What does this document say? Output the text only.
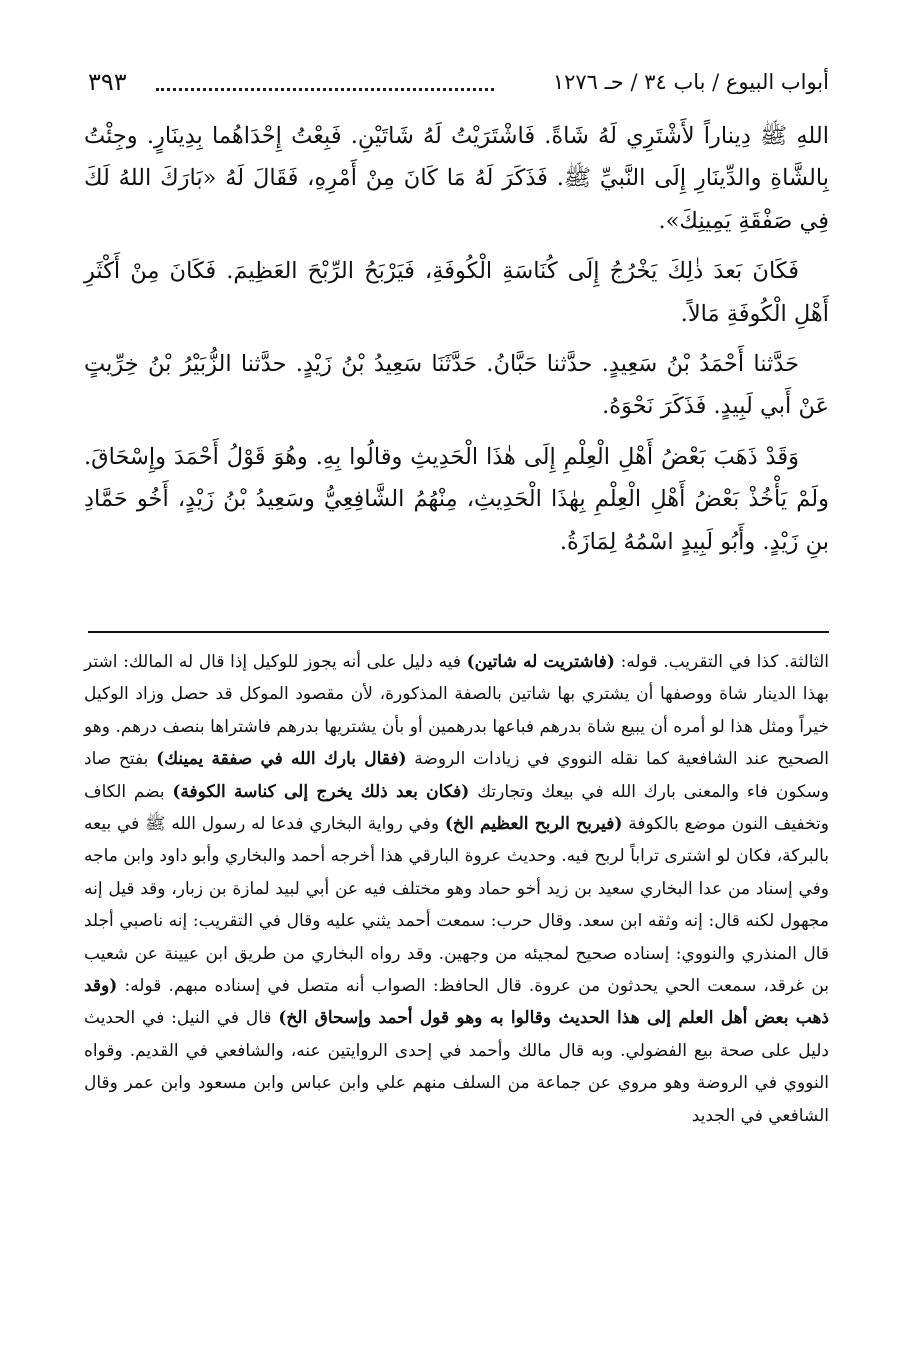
أبواب البيوع / باب ٣٤ / حـ ١٢٧٦
٣٩٣

اللهِ ﷺ دِيناراً لأَشْتَرِي لَهُ شَاةً. فَاشْتَرَيْتُ لَهُ شَاتَيْنِ. فَبِعْتُ إِحْدَاهُما بِدِينَارٍ. وجِئْتُ بِالشَّاةِ والدِّينَارِ إِلَى النَّبيِّ ﷺ. فَذَكَرَ لَهُ مَا كَانَ مِنْ أَمْرِهِ، فَقَالَ لَهُ «بَارَكَ اللهُ لَكَ فِي صَفْقَةِ يَمِينِكَ».

فَكَانَ بَعدَ ذٰلِكَ يَخْرُجُ إِلَى كُنَاسَةِ الْكُوفَةِ، فَيَرْبَحُ الرِّبْحَ العَظِيمَ. فَكَانَ مِنْ أَكْثَرِ أَهْلِ الْكُوفَةِ مَالاً.

حَدَّثنا أَحْمَدُ بْنُ سَعِيدٍ. حدَّثنا حَبَّانُ. حَدَّثَنَا سَعِيدُ بْنُ زَيْدٍ. حدَّثنا الزُّبَيْرُ بْنُ خِرِّيتٍ عَنْ أَبي لَبِيدٍ. فَذَكَرَ نَحْوَهُ.

وَقَدْ ذَهَبَ بَعْضُ أَهْلِ الْعِلْمِ إِلَى هٰذَا الْحَدِيثِ وقالُوا بِهِ. وهُوَ قَوْلُ أَحْمَدَ وإِسْحَاقَ. ولَمْ يَأْخُذْ بَعْضُ أَهْلِ الْعِلْمِ بِهٰذَا الْحَدِيثِ، مِنْهُمُ الشَّافِعِيُّ وسَعِيدُ بْنُ زَيْدٍ، أَخُو حَمَّادِ بنِ زَيْدٍ. وأَبُو لَبِيدٍ اسْمُهُ لِمَازَةُ.

الثالثة. كذا في التقريب. قوله: (فاشتريت له شاتين) فيه دليل على أنه يجوز للوكيل إذا قال له المالك: اشتر بهذا الدينار شاة ووصفها أن يشتري بها شاتين بالصفة المذكورة، لأن مقصود الموكل قد حصل وزاد الوكيل خيراً ومثل هذا لو أمره أن يبيع شاة بدرهم فباعها بدرهمين أو بأن يشتريها بدرهم فاشتراها بنصف درهم. وهو الصحيح عند الشافعية كما نقله النووي في زيادات الروضة (فقال بارك الله في صفقة يمينك) بفتح صاد وسكون فاء والمعنى بارك الله في بيعك وتجارتك (فكان بعد ذلك يخرج إلى كناسة الكوفة) بضم الكاف وتخفيف النون موضع بالكوفة (فيربح الربح العظيم الخ) وفي رواية البخاري فدعا له رسول الله ﷺ في بيعه بالبركة، فكان لو اشترى تراباً لربح فيه. وحديث عروة البارقي هذا أخرجه أحمد والبخاري وأبو داود وابن ماجه وفي إسناد من عدا البخاري سعيد بن زيد أخو حماد وهو مختلف فيه عن أبي لبيد لمازة بن زبار، وقد قيل إنه مجهول لكنه قال: إنه وثقه ابن سعد. وقال حرب: سمعت أحمد يثني عليه وقال في التقريب: إنه ناصبي أجلد قال المنذري والنووي: إسناده صحيح لمجيئه من وجهين. وقد رواه البخاري من طريق ابن عيينة عن شعيب بن غرقد، سمعت الحي يحدثون من عروة. قال الحافظ: الصواب أنه متصل في إسناده مبهم. قوله: (وقد ذهب بعض أهل العلم إلى هذا الحديث وقالوا به وهو قول أحمد وإسحاق الخ) قال في النيل: في الحديث دليل على صحة بيع الفضولي. وبه قال مالك وأحمد في إحدى الروايتين عنه، والشافعي في القديم. وقواه النووي في الروضة وهو مروي عن جماعة من السلف منهم علي وابن عباس وابن مسعود وابن عمر وقال الشافعي في الجديد
